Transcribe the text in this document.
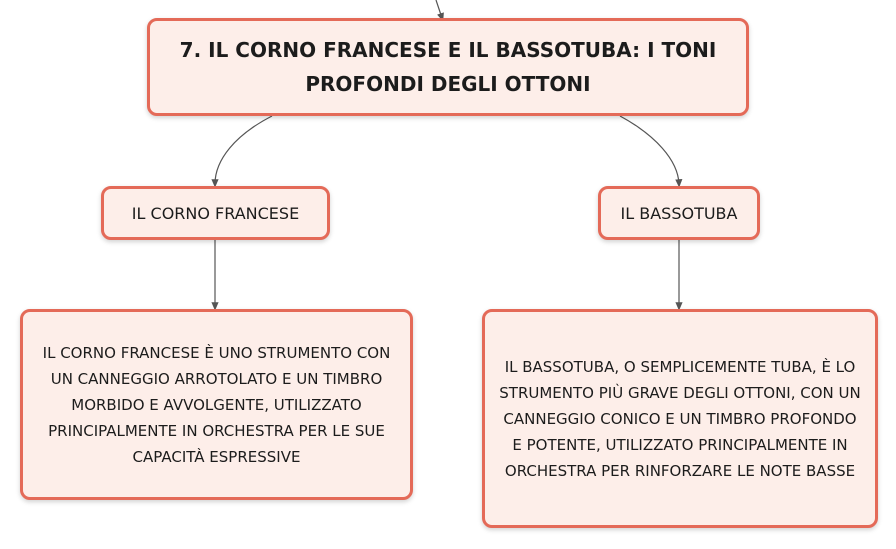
7. IL CORNO FRANCESE E IL BASSOTUBA: I TONI PROFONDI DEGLI OTTONI
IL CORNO FRANCESE	IL BASSOTUBA
IL CORNO FRANCESE È UNO STRUMENTO CON UN CANNEGGIO ARROTOLATO E UN TIMBRO MORBIDO E AVVOLGENTE, UTILIZZATO PRINCIPALMENTE IN ORCHESTRA PER LE SUE CAPACITÀ ESPRESSIVE
IL BASSOTUBA, O SEMPLICEMENTE TUBA, È LO STRUMENTO PIÙ GRAVE DEGLI OTTONI, CON UN CANNEGGIO CONICO E UN TIMBRO PROFONDO E POTENTE, UTILIZZATO PRINCIPALMENTE IN ORCHESTRA PER RINFORZARE LE NOTE BASSE
